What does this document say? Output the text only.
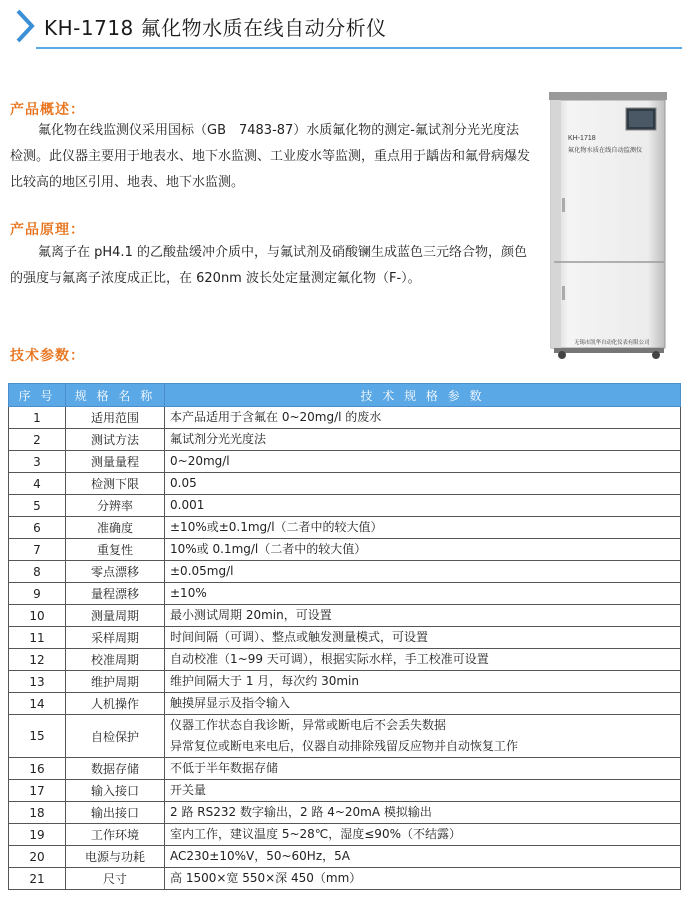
KH-1718 氟化物水质在线自动分析仪
产品概述：

氟化物在线监测仪采用国标（GB　7483-87）水质氟化物的测定-氟试剂分光光度法检测。此仪器主要用于地表水、地下水监测、工业废水等监测，重点用于龋齿和氟骨病爆发比较高的地区引用、地表、地下水监测。

产品原理：

氟离子在 pH4.1 的乙酸盐缓冲介质中，与氟试剂及硝酸镧生成蓝色三元络合物，颜色的强度与氟离子浓度成正比，在 620nm 波长处定量测定氟化物（F-）。

KH-1718
氟化物水质在线自动监测仪
无锡市凯华自动化仪表有限公司
技术参数：
序 号	规 格 名 称	技 术 规 格 参 数
1	适用范围	本产品适用于含氟在 0~20mg/l 的废水
2	测试方法	氟试剂分光光度法
3	测量量程	0~20mg/l
4	检测下限	0.05
5	分辨率	0.001
6	准确度	±10%或±0.1mg/l（二者中的较大值）
7	重复性	10%或 0.1mg/l（二者中的较大值）
8	零点漂移	±0.05mg/l
9	量程漂移	±10%
10	测量周期	最小测试周期 20min，可设置
11	采样周期	时间间隔（可调）、整点或触发测量模式，可设置
12	校准周期	自动校准（1~99 天可调），根据实际水样，手工校准可设置
13	维护周期	维护间隔大于 1 月，每次约 30min
14	人机操作	触摸屏显示及指令输入
15	自检保护	仪器工作状态自我诊断，异常或断电后不会丢失数据
异常复位或断电来电后，仪器自动排除残留反应物并自动恢复工作

16	数据存储	不低于半年数据存储
17	输入接口	开关量
18	输出接口	2 路 RS232 数字输出，2 路 4~20mA 模拟输出
19	工作环境	室内工作，建议温度 5~28℃，湿度≤90%（不结露）
20	电源与功耗	AC230±10%V，50~60Hz，5A
21	尺寸	高 1500×宽 550×深 450（mm）
